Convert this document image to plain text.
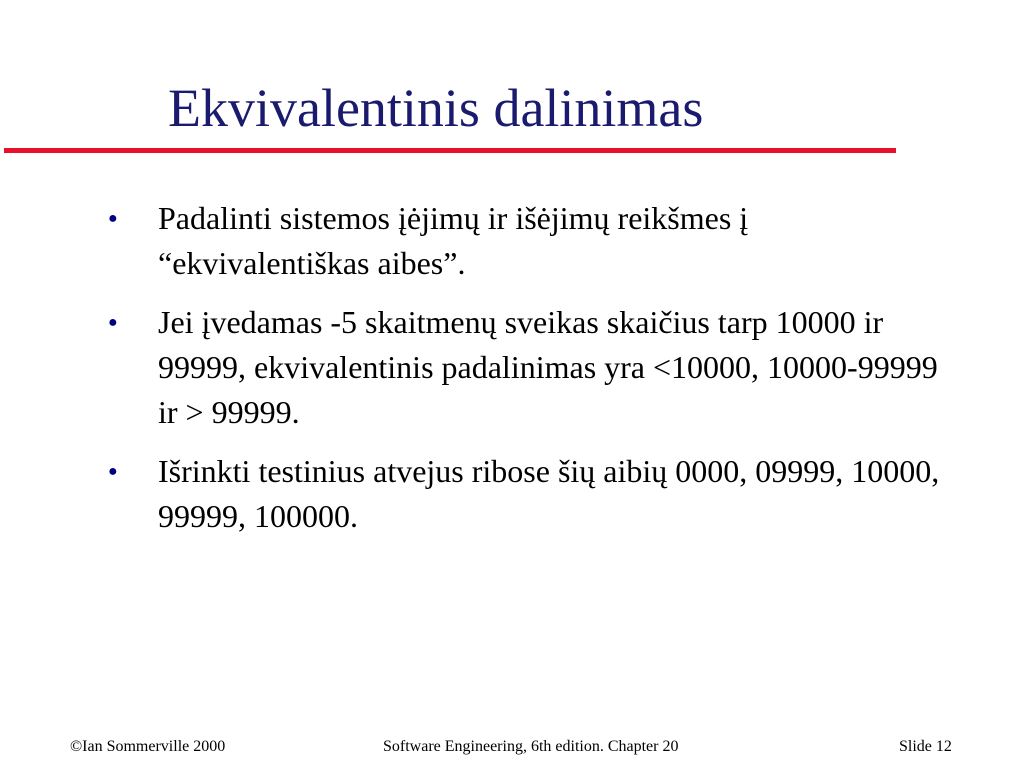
Ekvivalentinis dalinimas
● Padalinti sistemos įėjimų ir išėjimų reikšmes į “ekvivalentiškas aibes”.
● Jei įvedamas -5 skaitmenų sveikas skaičius tarp 10000 ir 99999, ekvivalentinis padalinimas yra <10000, 10000-99999 ir > 99999.
● Išrinkti testinius atvejus ribose šių aibių 0000, 09999, 10000, 99999, 100000.
©Ian Sommerville 2000	Software Engineering, 6th edition. Chapter 20	Slide 12
